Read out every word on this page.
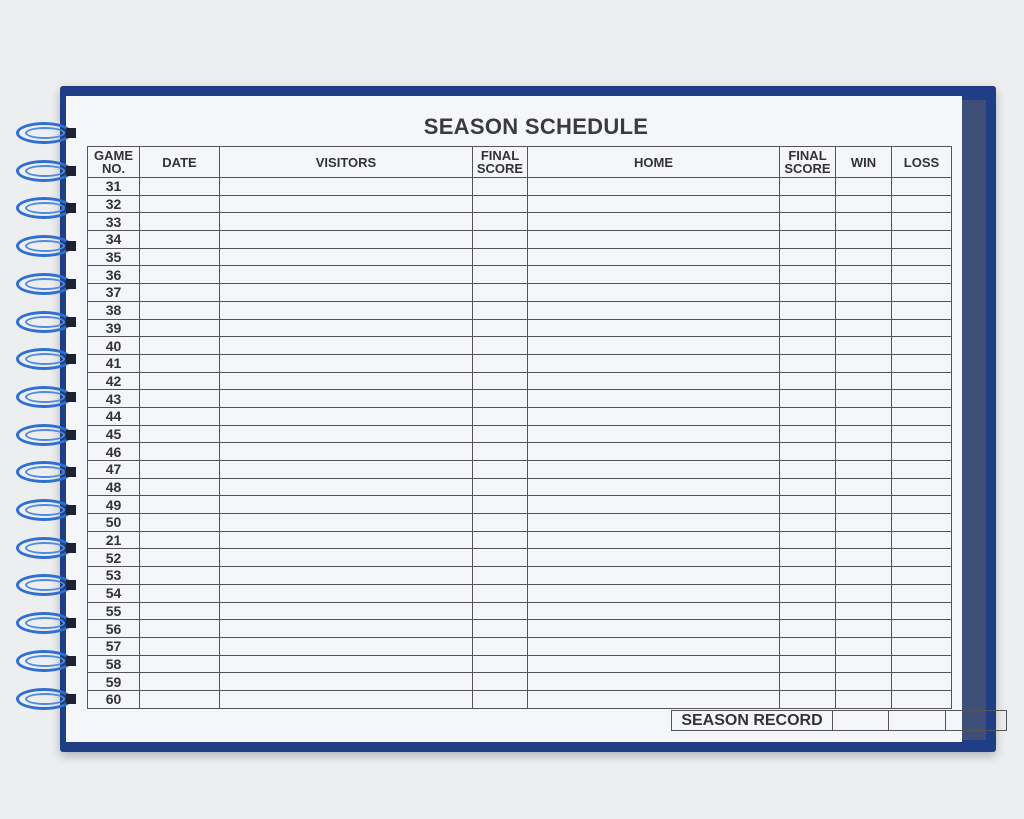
SEASON SCHEDULE
GAME NO.	DATE	VISITORS	FINAL SCORE	HOME	FINAL SCORE	WIN	LOSS
31							
32							
33							
34							
35							
36							
37							
38							
39							
40							
41							
42							
43							
44							
45							
46							
47							
48							
49							
50							
21							
52							
53							
54							
55							
56							
57							
58							
59							
60							
SEASON RECORD			
